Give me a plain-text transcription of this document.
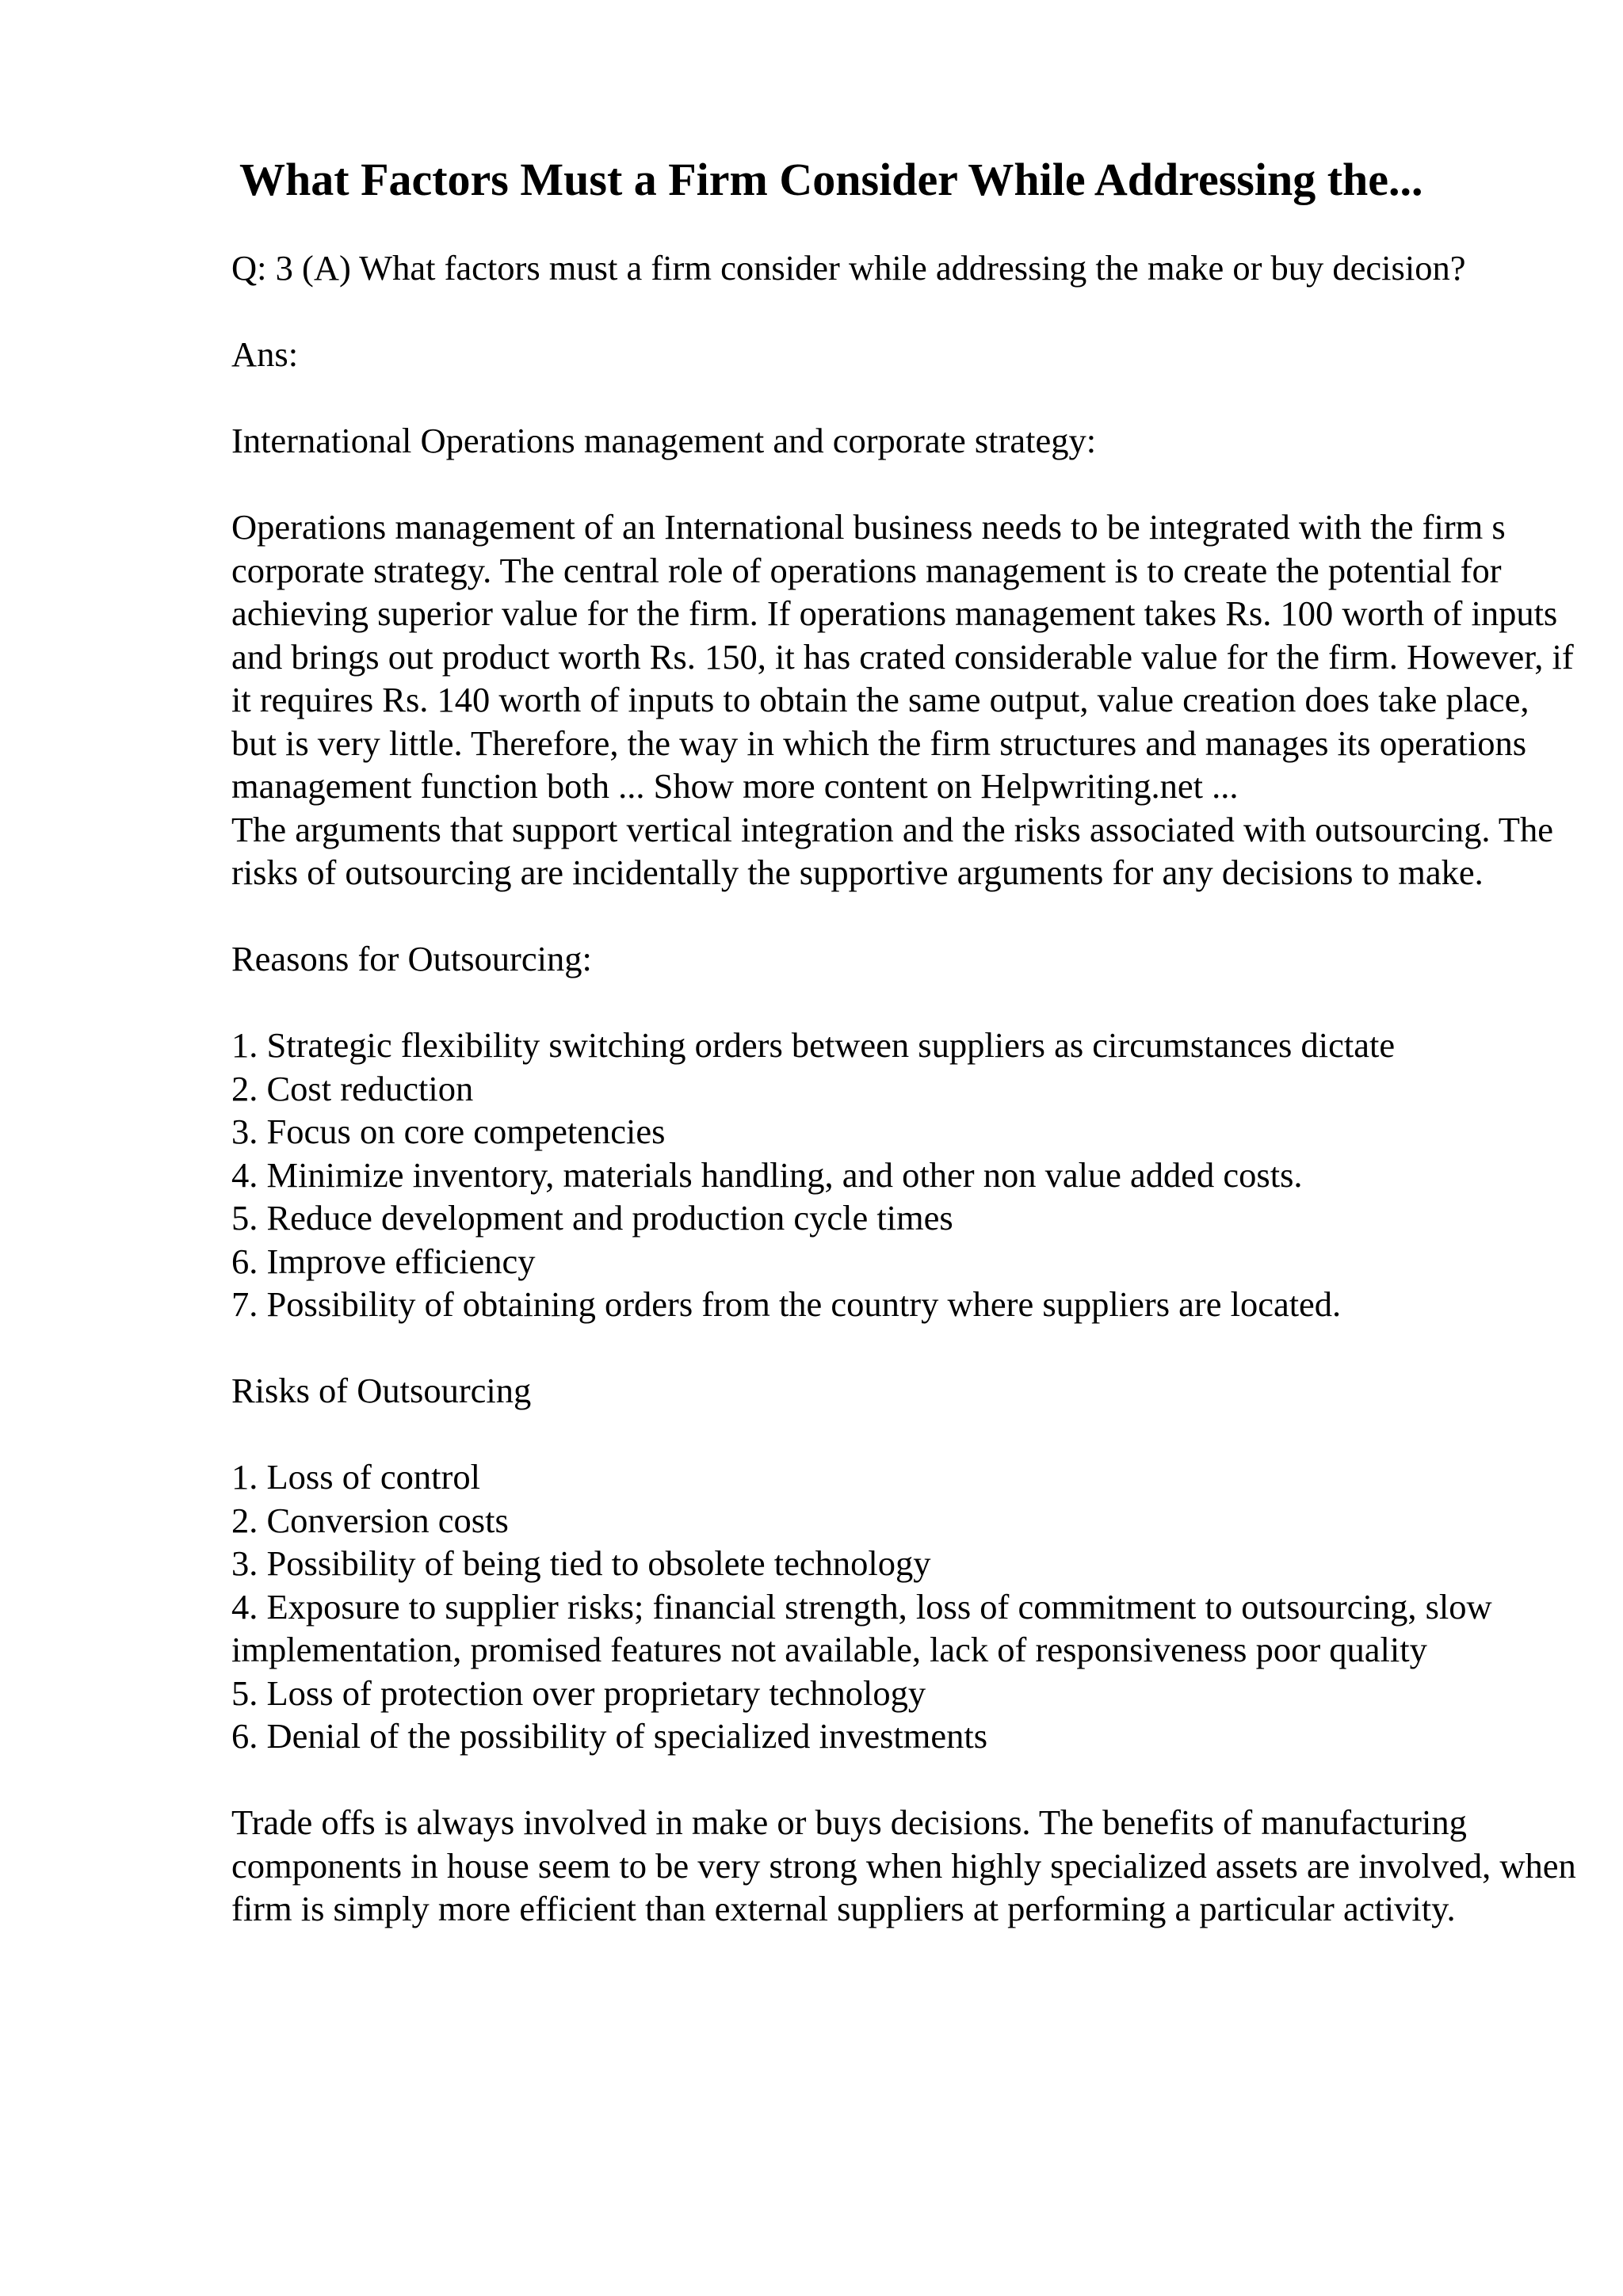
What Factors Must a Firm Consider While Addressing the...

Q: 3 (A) What factors must a firm consider while addressing the make or buy decision?

Ans:

International Operations management and corporate strategy:

Operations management of an International business needs to be integrated with the firm s corporate strategy. The central role of operations management is to create the potential for achieving superior value for the firm. If operations management takes Rs. 100 worth of inputs and brings out product worth Rs. 150, it has crated considerable value for the firm. However, if it requires Rs. 140 worth of inputs to obtain the same output, value creation does take place, but is very little. Therefore, the way in which the firm structures and manages its operations management function both ... Show more content on Helpwriting.net ...

The arguments that support vertical integration and the risks associated with outsourcing. The risks of outsourcing are incidentally the supportive arguments for any decisions to make.

Reasons for Outsourcing:

1. Strategic flexibility switching orders between suppliers as circumstances dictate
2. Cost reduction
3. Focus on core competencies
4. Minimize inventory, materials handling, and other non value added costs.
5. Reduce development and production cycle times
6. Improve efficiency
7. Possibility of obtaining orders from the country where suppliers are located.

Risks of Outsourcing

1. Loss of control
2. Conversion costs
3. Possibility of being tied to obsolete technology
4. Exposure to supplier risks; financial strength, loss of commitment to outsourcing, slow implementation, promised features not available, lack of responsiveness poor quality
5. Loss of protection over proprietary technology
6. Denial of the possibility of specialized investments

Trade offs is always involved in make or buys decisions. The benefits of manufacturing components in house seem to be very strong when highly specialized assets are involved, when firm is simply more efficient than external suppliers at performing a particular activity.
